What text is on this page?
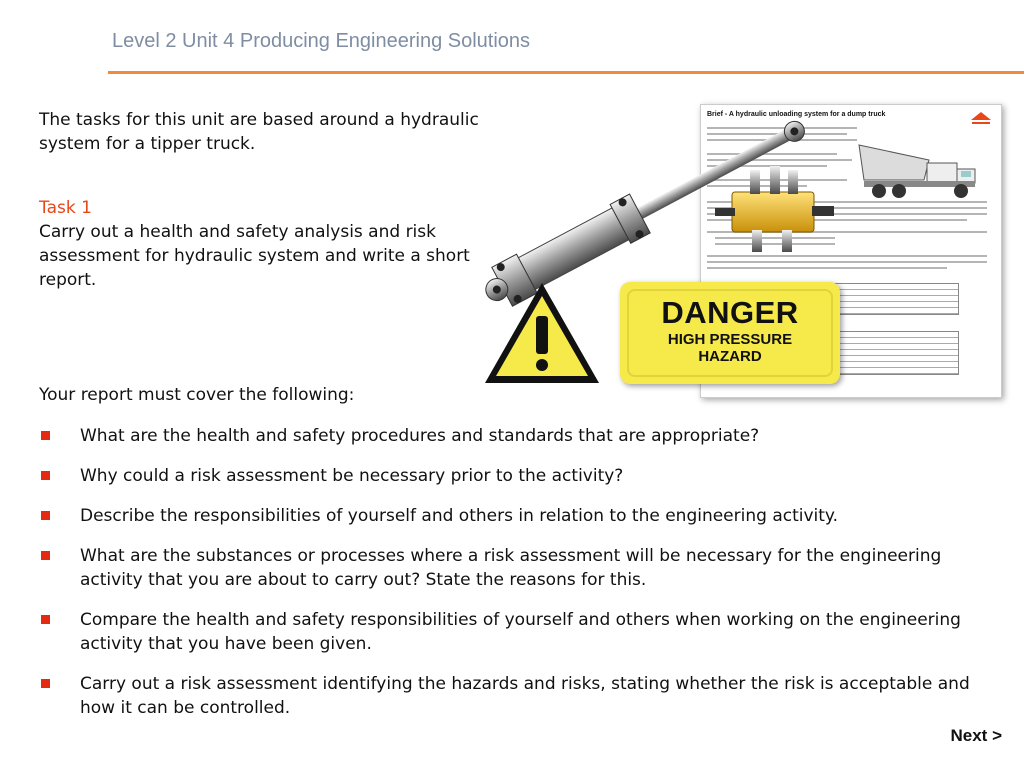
Level 2 Unit 4 Producing Engineering Solutions
The tasks for this unit are based around a hydraulic system for a tipper truck.
Task 1
Carry out a health and safety analysis and risk assessment for hydraulic system and write a short report.
Brief - A hydraulic unloading system for a dump truck
DANGER
HIGH PRESSURE
HAZARD
Your report must cover the following:
What are the health and safety procedures and standards that are appropriate?
Why could a risk assessment be necessary prior to the activity?
Describe the responsibilities of yourself and others in relation to the engineering activity.
What are the substances or processes where a risk assessment will be necessary for the engineering activity that you are about to carry out? State the reasons for this.
Compare the health and safety responsibilities of yourself and others when working on the engineering activity that you have been given.
Carry out a risk assessment identifying the hazards and risks, stating whether the risk is acceptable and how it can be controlled.
Next >
